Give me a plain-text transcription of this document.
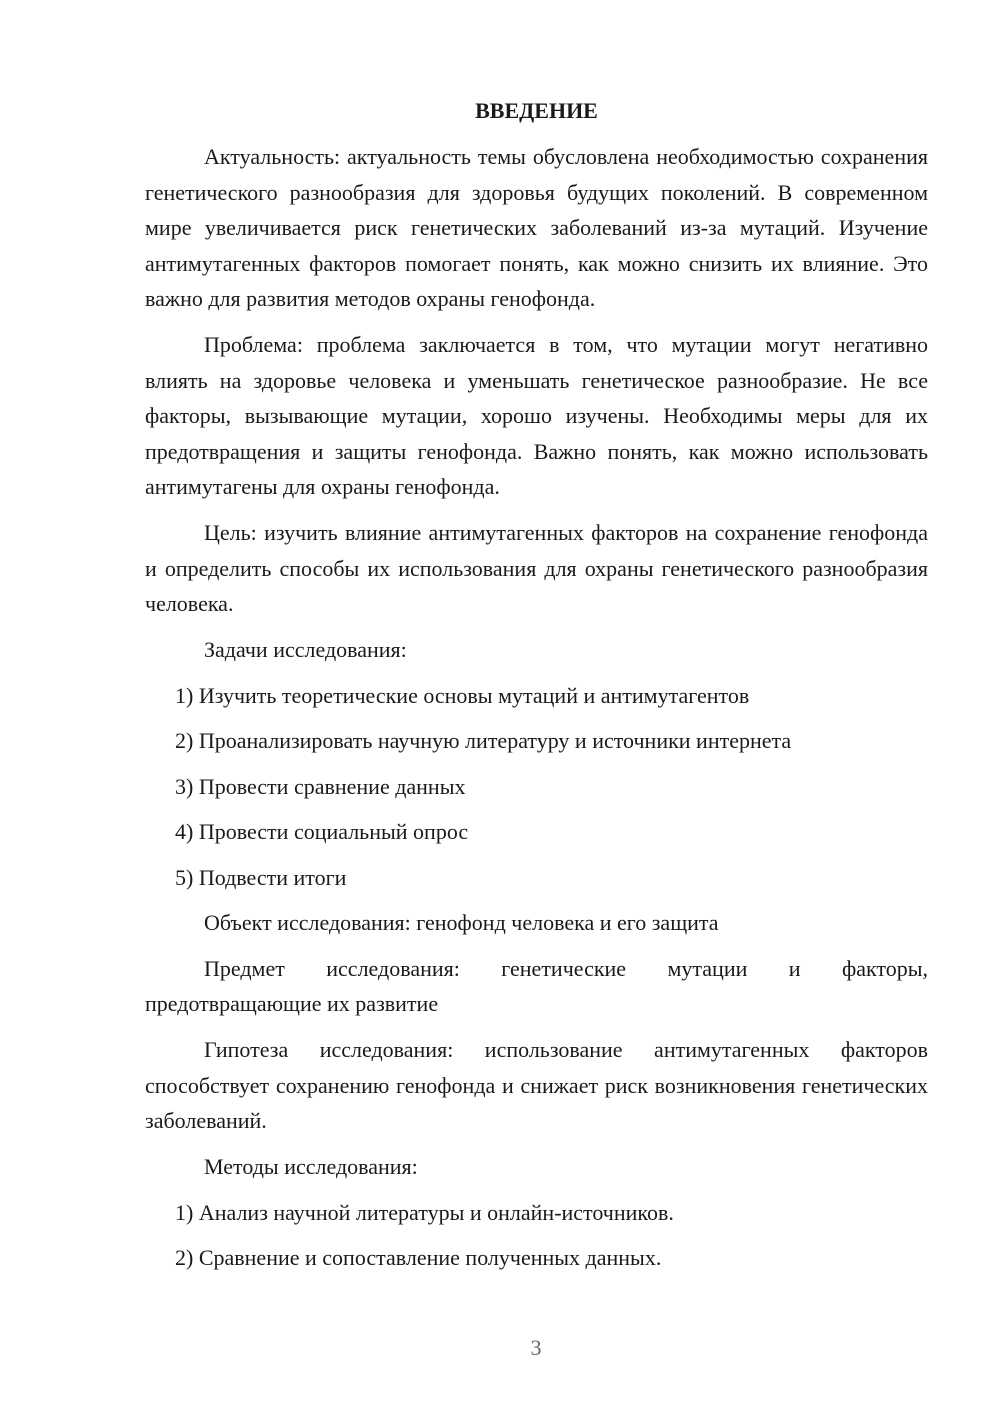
ВВЕДЕНИЕ

Актуальность: актуальность темы обусловлена необходимостью сохранения генетического разнообразия для здоровья будущих поколений. В современном мире увеличивается риск генетических заболеваний из-за мутаций. Изучение антимутагенных факторов помогает понять, как можно снизить их влияние. Это важно для развития методов охраны генофонда.

Проблема: проблема заключается в том, что мутации могут негативно влиять на здоровье человека и уменьшать генетическое разнообразие. Не все факторы, вызывающие мутации, хорошо изучены. Необходимы меры для их предотвращения и защиты генофонда. Важно понять, как можно использовать антимутагены для охраны генофонда.

Цель: изучить влияние антимутагенных факторов на сохранение генофонда и определить способы их использования для охраны генетического разнообразия человека.

Задачи исследования:
1) Изучить теоретические основы мутаций и антимутагентов
2) Проанализировать научную литературу и источники интернета
3) Провести сравнение данных
4) Провести социальный опрос
5) Подвести итоги
Объект исследования: генофонд человека и его защита

Предмет исследования: генетические мутации и факторы, предотвращающие их развитие

Гипотеза исследования: использование антимутагенных факторов способствует сохранению генофонда и снижает риск возникновения генетических заболеваний.

Методы исследования:
1) Анализ научной литературы и онлайн-источников.
2) Сравнение и сопоставление полученных данных.
3
